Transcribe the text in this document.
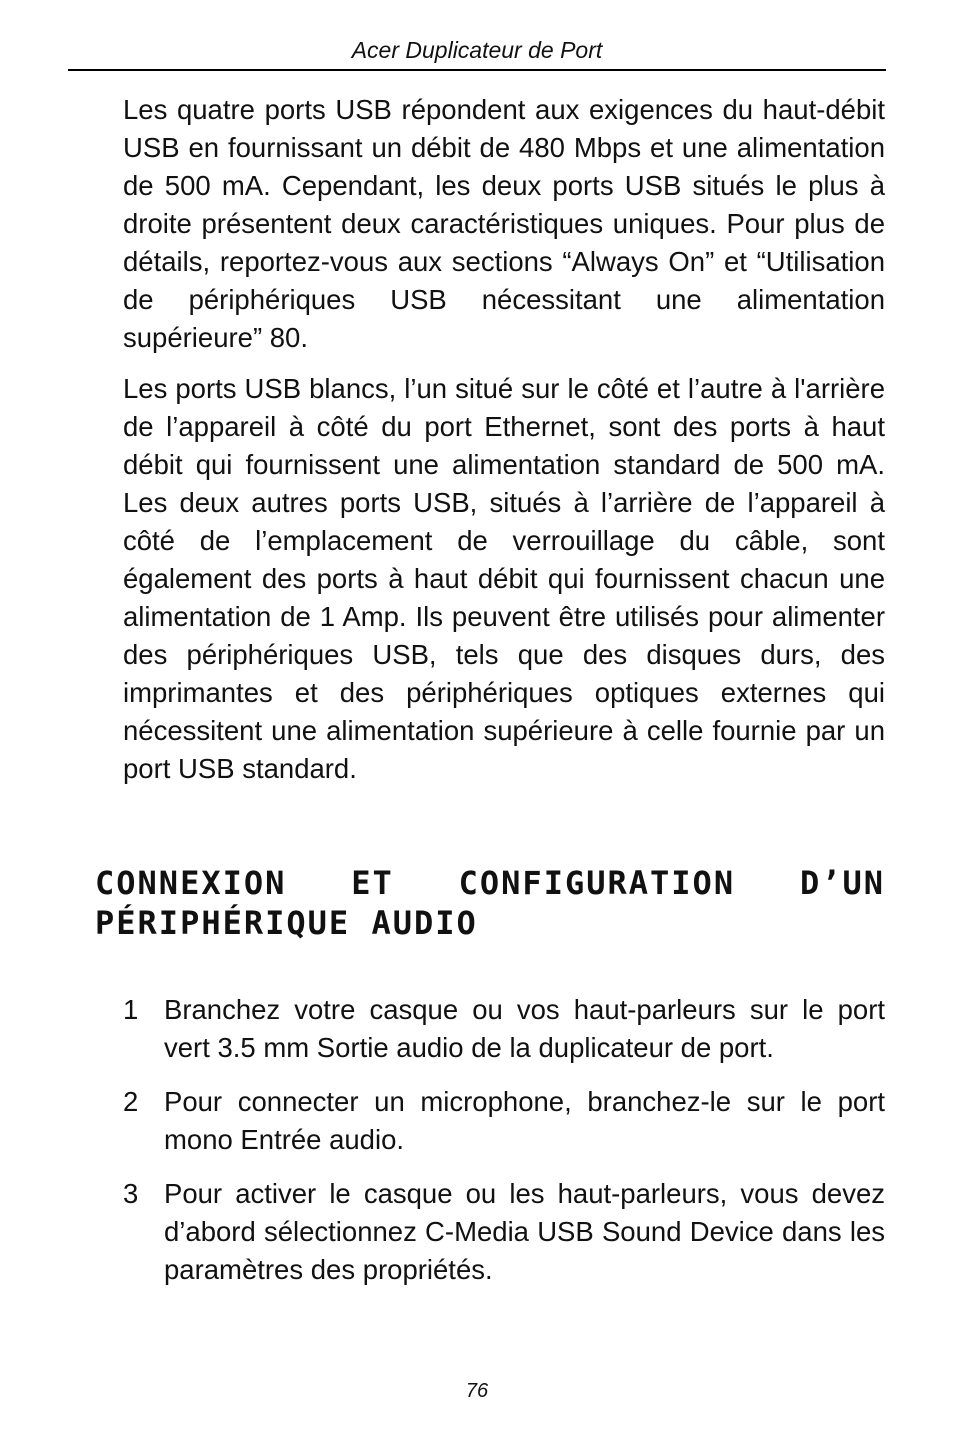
Acer Duplicateur de Port

Les quatre ports USB répondent aux exigences du haut-débit USB en fournissant un débit de 480 Mbps et une alimentation de 500 mA. Cependant, les deux ports USB situés le plus à droite présentent deux caractéristiques uniques. Pour plus de détails, reportez-vous aux sections “Always On” et “Utilisation de périphériques USB nécessitant une alimentation supérieure” 80.

Les ports USB blancs, l’un situé sur le côté et l’autre à l'arrière de l’appareil à côté du port Ethernet, sont des ports à haut débit qui fournissent une alimentation standard de 500 mA. Les deux autres ports USB, situés à l’arrière de l’appareil à côté de l’emplacement de verrouillage du câble, sont également des ports à haut débit qui fournissent chacun une alimentation de 1 Amp. Ils peuvent être utilisés pour alimenter des périphériques USB, tels que des disques durs, des imprimantes et des périphériques optiques externes qui nécessitent une alimentation supérieure à celle fournie par un port USB standard.

CONNEXION ET CONFIGURATION D’UN PÉRIPHÉRIQUE AUDIO
1 Branchez votre casque ou vos haut-parleurs sur le port vert 3.5 mm Sortie audio de la duplicateur de port.
2 Pour connecter un microphone, branchez-le sur le port mono Entrée audio.
3 Pour activer le casque ou les haut-parleurs, vous devez d’abord sélectionnez C-Media USB Sound Device dans les paramètres des propriétés.
76
